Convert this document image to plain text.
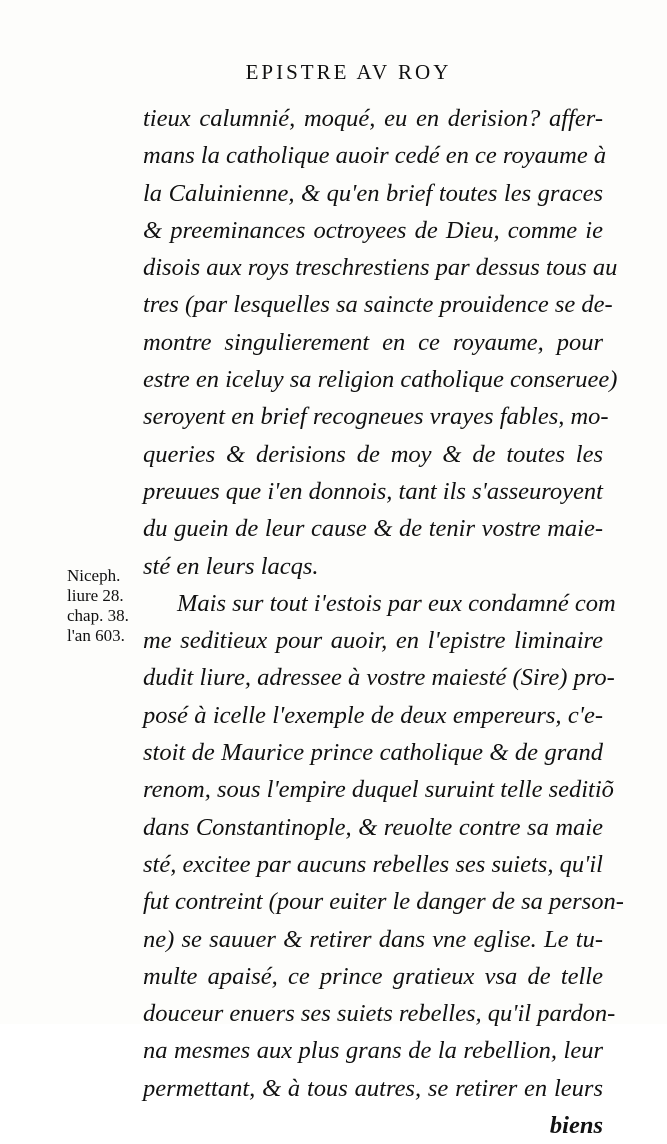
EPISTRE AV ROY
tieux calumnié, moqué, eu en derision? affer-
mans la catholique auoir cedé en ce royaume à
la Caluinienne, & qu'en brief toutes les graces
& preeminances octroyees de Dieu, comme ie
disois aux roys treschrestiens par dessus tous au
tres (par lesquelles sa saincte prouidence se de-
montre singulierement en ce royaume, pour
estre en iceluy sa religion catholique conseruee)
seroyent en brief recogneues vrayes fables, mo-
queries & derisions de moy & de toutes les
preuues que i'en donnois, tant ils s'asseuroyent
du guein de leur cause & de tenir vostre maie-
sté en leurs lacqs.
Mais sur tout i'estois par eux condamné com
me seditieux pour auoir, en l'epistre liminaire
dudit liure, adressee à vostre maiesté (Sire) pro-
posé à icelle l'exemple de deux empereurs, c'e-
stoit de Maurice prince catholique & de grand
renom, sous l'empire duquel suruint telle seditiõ
dans Constantinople, & reuolte contre sa maie
sté, excitee par aucuns rebelles ses suiets, qu'il
fut contreint (pour euiter le danger de sa person-
ne) se sauuer & retirer dans vne eglise. Le tu-
multe apaisé, ce prince gratieux vsa de telle
douceur enuers ses suiets rebelles, qu'il pardon-
na mesmes aux plus grans de la rebellion, leur
permettant, & à tous autres, se retirer en leurs
biens
Niceph.
liure 28.
chap. 38.
l'an 603.
